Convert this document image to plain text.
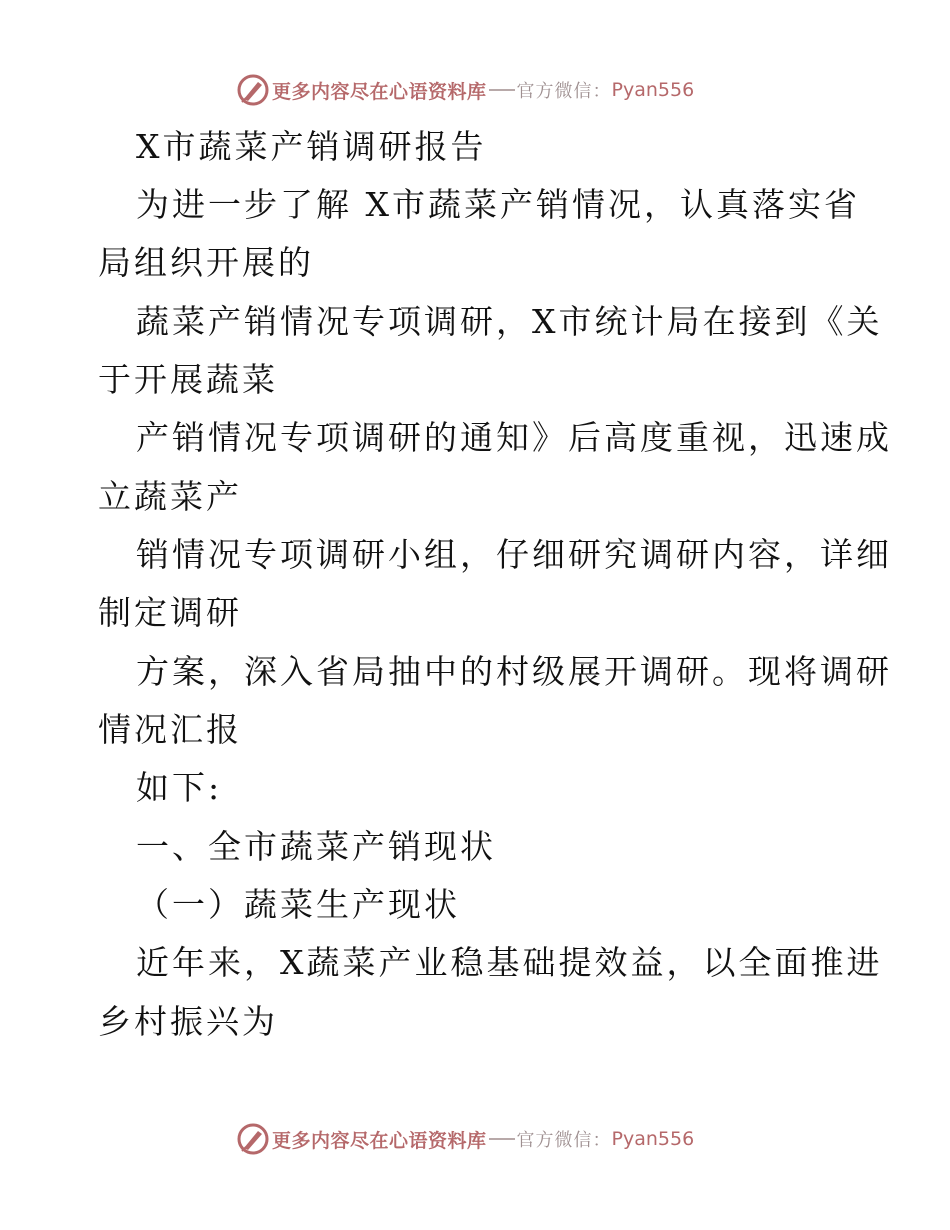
更多内容尽在心语资料库 官方微信： Pyan556
X市蔬菜产销调研报告
为进一步了解 X市蔬菜产销情况，认真落实省
局组织开展的
蔬菜产销情况专项调研，X市统计局在接到《关
于开展蔬菜
产销情况专项调研的通知》后高度重视，迅速成
立蔬菜产
销情况专项调研小组，仔细研究调研内容，详细
制定调研
方案，深入省局抽中的村级展开调研。现将调研
情况汇报
如下:
一、全市蔬菜产销现状
（一）蔬菜生产现状
近年来，X蔬菜产业稳基础提效益，以全面推进
乡村振兴为
更多内容尽在心语资料库 官方微信： Pyan556
